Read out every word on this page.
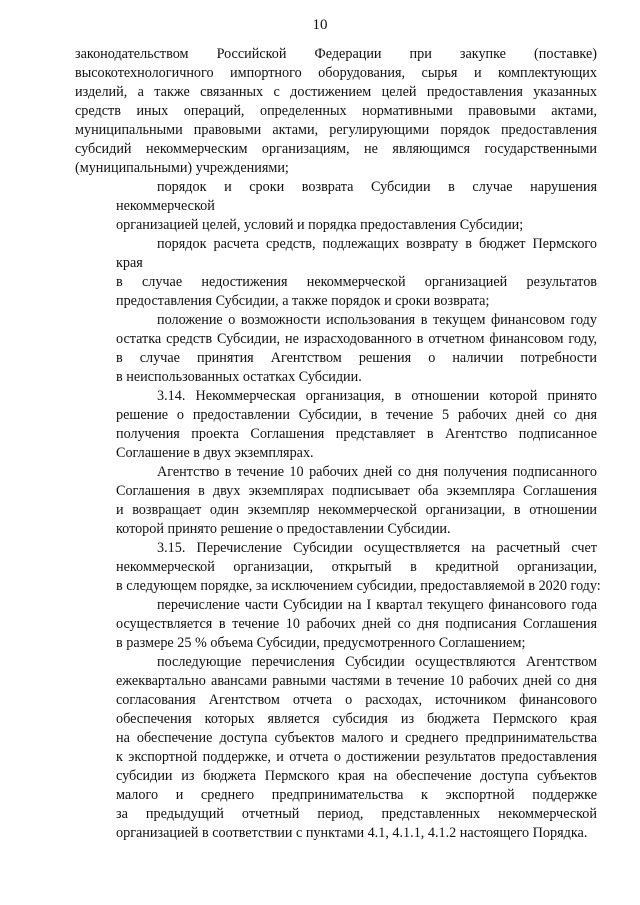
10
законодательством Российской Федерации при закупке (поставке)
высокотехнологичного импортного оборудования, сырья и комплектующих
изделий, а также связанных с достижением целей предоставления указанных
средств иных операций, определенных нормативными правовыми актами,
муниципальными правовыми актами, регулирующими порядок предоставления
субсидий некоммерческим организациям, не являющимся государственными
(муниципальными) учреждениями;
порядок и сроки возврата Субсидии в случае нарушения некоммерческой
организацией целей, условий и порядка предоставления Субсидии;
порядок расчета средств, подлежащих возврату в бюджет Пермского края
в случае недостижения некоммерческой организацией результатов
предоставления Субсидии, а также порядок и сроки возврата;
положение о возможности использования в текущем финансовом году
остатка средств Субсидии, не израсходованного в отчетном финансовом году,
в случае принятия Агентством решения о наличии потребности
в неиспользованных остатках Субсидии.
3.14. Некоммерческая организация, в отношении которой принято
решение о предоставлении Субсидии, в течение 5 рабочих дней со дня
получения проекта Соглашения представляет в Агентство подписанное
Соглашение в двух экземплярах.
Агентство в течение 10 рабочих дней со дня получения подписанного
Соглашения в двух экземплярах подписывает оба экземпляра Соглашения
и возвращает один экземпляр некоммерческой организации, в отношении
которой принято решение о предоставлении Субсидии.
3.15. Перечисление Субсидии осуществляется на расчетный счет
некоммерческой организации, открытый в кредитной организации,
в следующем порядке, за исключением субсидии, предоставляемой в 2020 году:
перечисление части Субсидии на I квартал текущего финансового года
осуществляется в течение 10 рабочих дней со дня подписания Соглашения
в размере 25 % объема Субсидии, предусмотренного Соглашением;
последующие перечисления Субсидии осуществляются Агентством
ежеквартально авансами равными частями в течение 10 рабочих дней со дня
согласования Агентством отчета о расходах, источником финансового
обеспечения которых является субсидия из бюджета Пермского края
на обеспечение доступа субъектов малого и среднего предпринимательства
к экспортной поддержке, и отчета о достижении результатов предоставления
субсидии из бюджета Пермского края на обеспечение доступа субъектов
малого и среднего предпринимательства к экспортной поддержке
за предыдущий отчетный период, представленных некоммерческой
организацией в соответствии с пунктами 4.1, 4.1.1, 4.1.2 настоящего Порядка.
